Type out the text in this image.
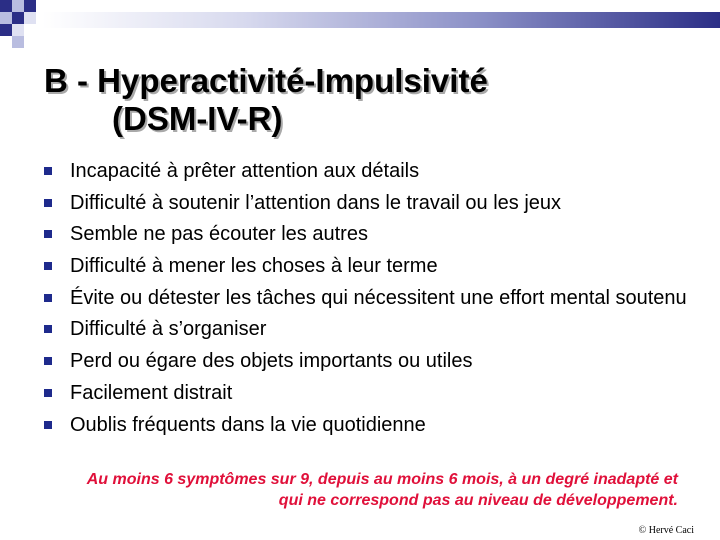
B - Hyperactivité-Impulsivité
(DSM-IV-R)
Incapacité à prêter attention aux détails
Difficulté à soutenir l’attention dans le travail ou les jeux
Semble ne pas écouter les autres
Difficulté à mener les choses à leur terme
Évite ou détester les tâches qui nécessitent une effort mental soutenu
Difficulté à s’organiser
Perd ou égare des objets importants ou utiles
Facilement distrait
Oublis fréquents dans la vie quotidienne
Au moins 6 symptômes sur 9, depuis au moins 6 mois, à un degré inadapté et qui ne correspond pas au niveau de développement.
© Hervé Caci
